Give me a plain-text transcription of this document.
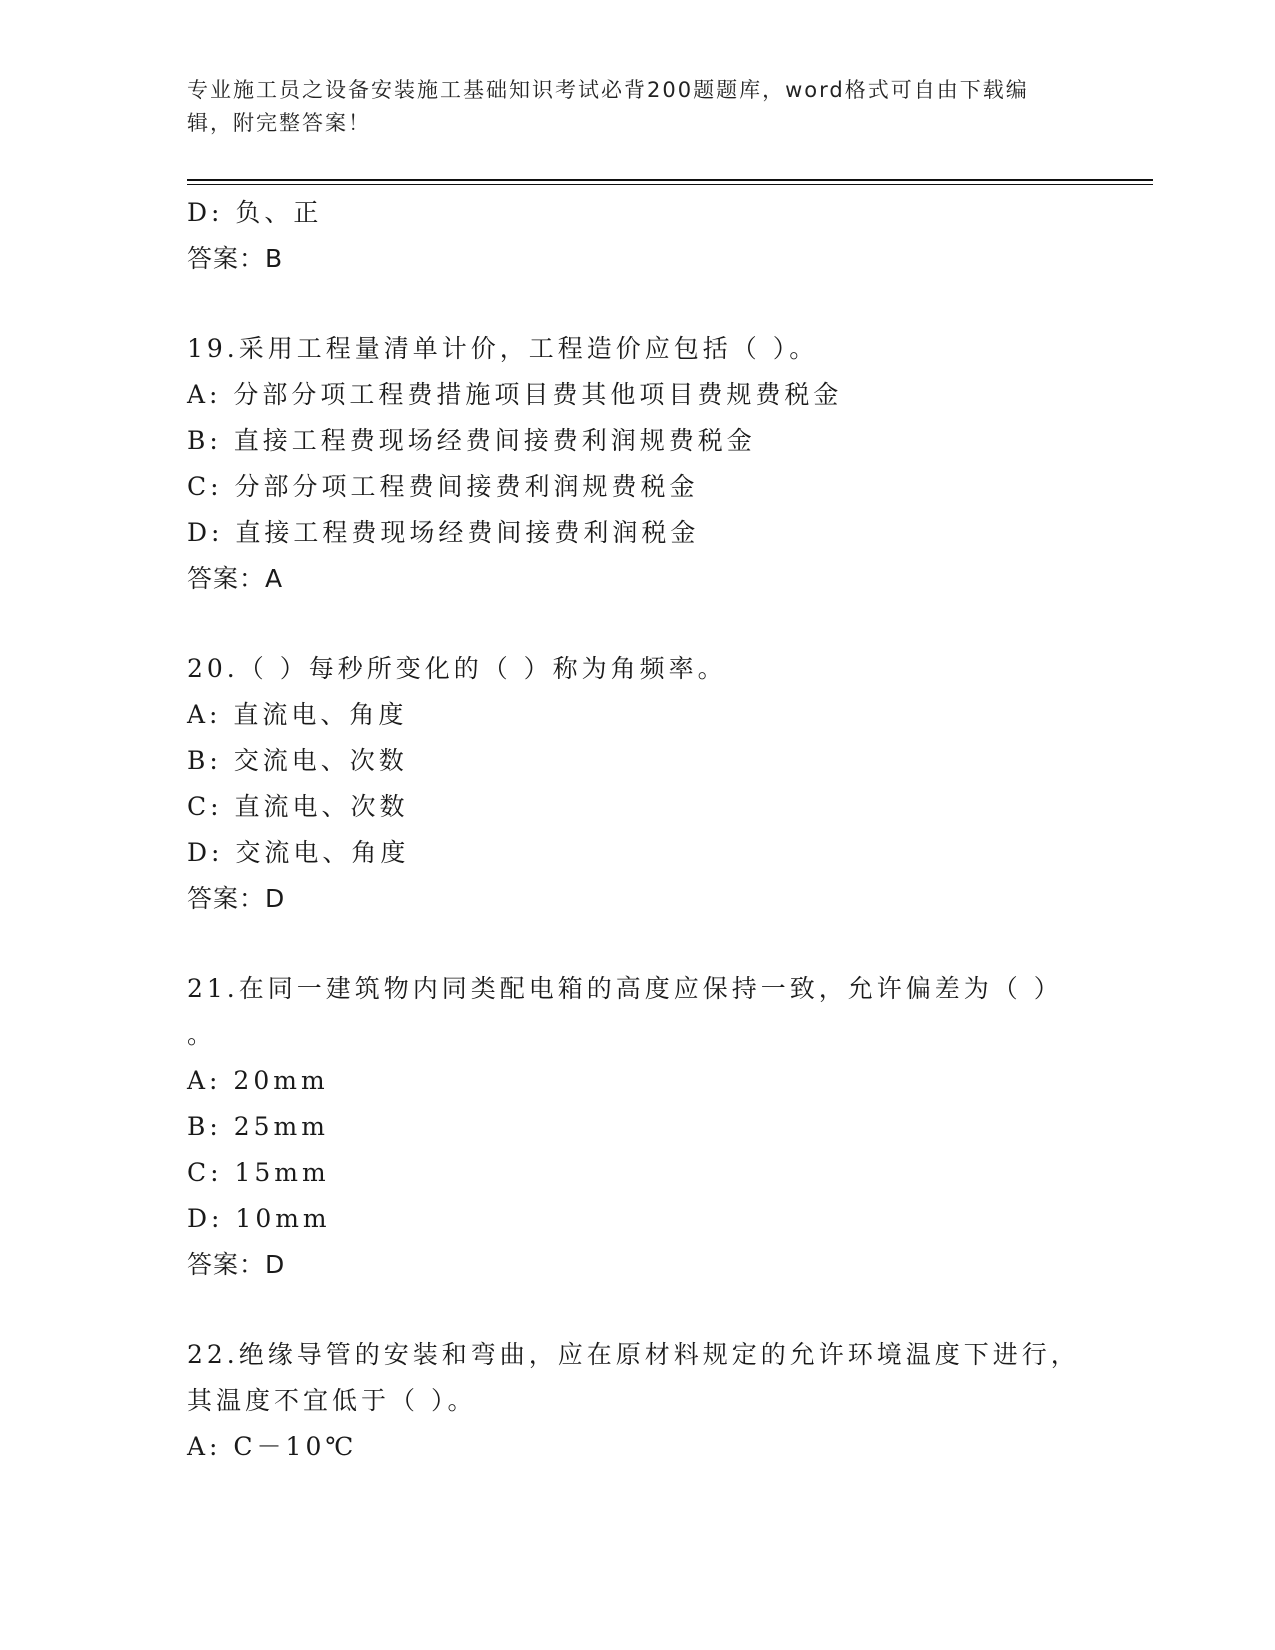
专业施工员之设备安装施工基础知识考试必背200题题库，word格式可自由下载编辑，附完整答案！
D: 负、正
答案：B
19.采用工程量清单计价，工程造价应包括（ ）。
A: 分部分项工程费措施项目费其他项目费规费税金
B: 直接工程费现场经费间接费利润规费税金
C: 分部分项工程费间接费利润规费税金
D: 直接工程费现场经费间接费利润税金
答案：A
20.（ ）每秒所变化的（ ）称为角频率。
A: 直流电、角度
B: 交流电、次数
C: 直流电、次数
D: 交流电、角度
答案：D
21.在同一建筑物内同类配电箱的高度应保持一致，允许偏差为（ ）
。
A: 20mm
B: 25mm
C: 15mm
D: 10mm
答案：D
22.绝缘导管的安装和弯曲，应在原材料规定的允许环境温度下进行，
其温度不宜低于（ ）。
A: C－10℃
